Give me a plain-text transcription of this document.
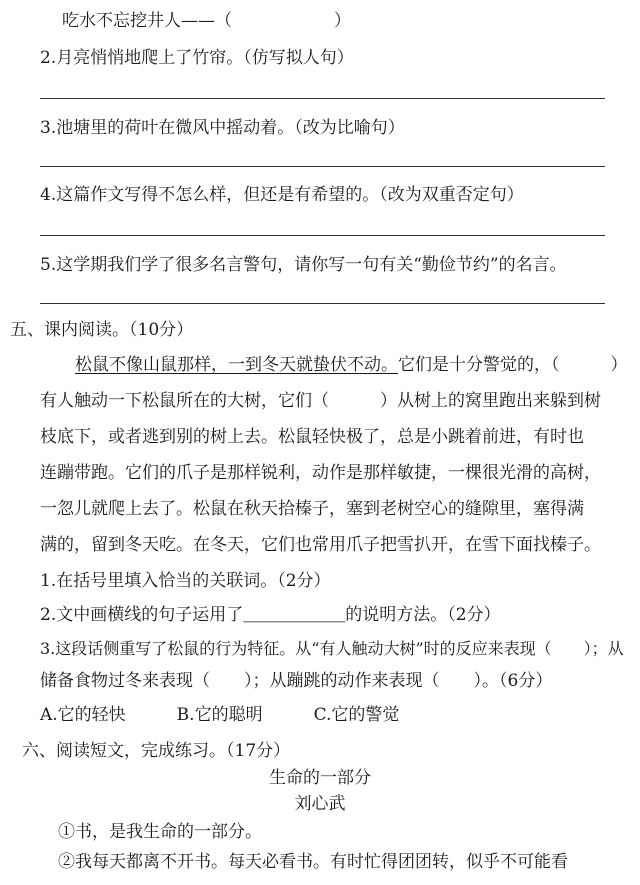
吃水不忘挖井人——（　　　　　　）
2.月亮悄悄地爬上了竹帘。（仿写拟人句）
3.池塘里的荷叶在微风中摇动着。（改为比喻句）
4.这篇作文写得不怎么样，但还是有希望的。（改为双重否定句）
5.这学期我们学了很多名言警句，请你写一句有关“勤俭节约”的名言。
五、课内阅读。（10分）
松鼠不像山鼠那样，一到冬天就蛰伏不动。它们是十分警觉的，（　　　）
有人触动一下松鼠所在的大树，它们（　　　）从树上的窝里跑出来躲到树
枝底下，或者逃到别的树上去。松鼠轻快极了，总是小跳着前进，有时也
连蹦带跑。它们的爪子是那样锐利，动作是那样敏捷，一棵很光滑的高树，
一忽儿就爬上去了。松鼠在秋天拾榛子，塞到老树空心的缝隙里，塞得满
满的，留到冬天吃。在冬天，它们也常用爪子把雪扒开，在雪下面找榛子。
1.在括号里填入恰当的关联词。（2分）
2.文中画横线的句子运用了＿＿＿＿＿＿的说明方法。（2分）
3.这段话侧重写了松鼠的行为特征。从“有人触动大树”时的反应来表现（　　）；从
储备食物过冬来表现（　　）；从蹦跳的动作来表现（　　）。（6分）
A.它的轻快　　　B.它的聪明　　　C.它的警觉
六、阅读短文，完成练习。（17分）
生命的一部分
刘心武
①书，是我生命的一部分。
②我每天都离不开书。每天必看书。有时忙得团团转，似乎不可能看
